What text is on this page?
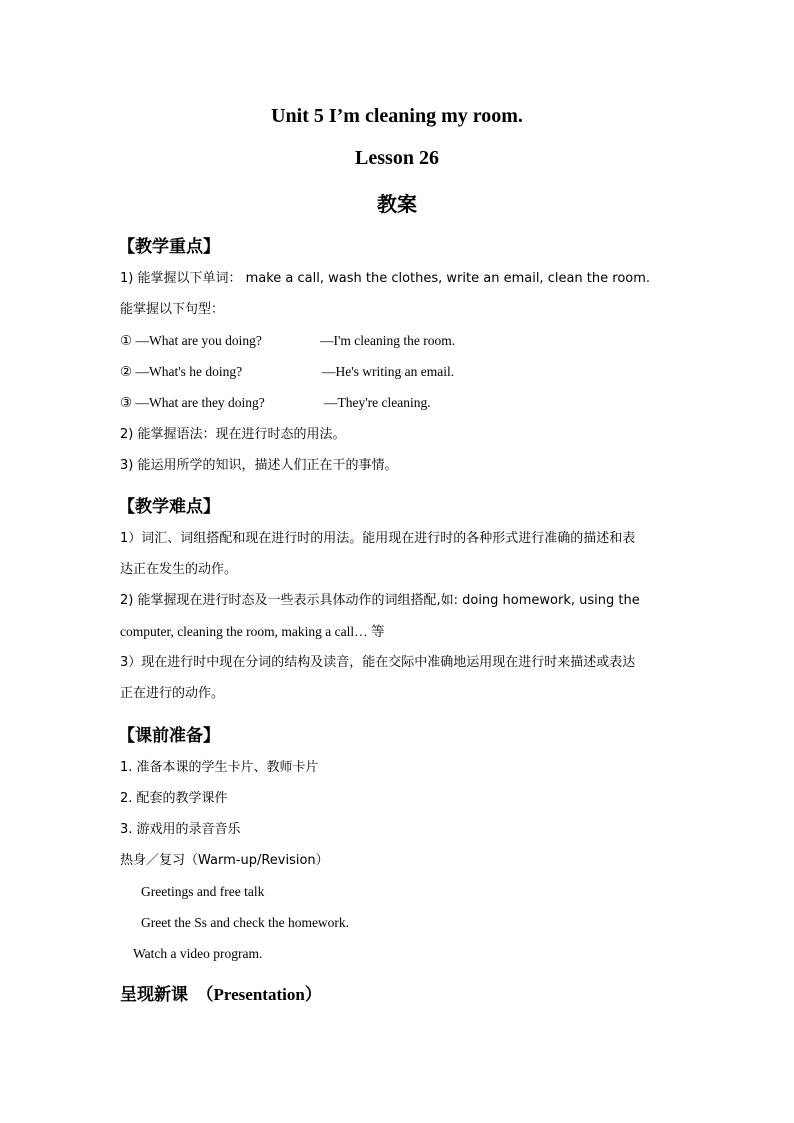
Unit 5 I’m cleaning my room.
Lesson 26
教案
【教学重点】
1) 能掌握以下单词： make a call, wash the clothes, write an email, clean the room.
能掌握以下句型：
① —What are you doing?	—I'm cleaning the room.
② —What's he doing?	—He's writing an email.
③ —What are they doing?	—They're cleaning.
2) 能掌握语法：现在进行时态的用法。
3) 能运用所学的知识，描述人们正在干的事情。
【教学难点】
1）词汇、词组搭配和现在进行时的用法。能用现在进行时的各种形式进行准确的描述和表
达正在发生的动作。
2) 能掌握现在进行时态及一些表示具体动作的词组搭配,如: doing homework, using the
computer, cleaning the room, making a call… 等
3）现在进行时中现在分词的结构及读音，能在交际中准确地运用现在进行时来描述或表达
正在进行的动作。
【课前准备】
1. 准备本课的学生卡片、教师卡片
2. 配套的教学课件
3. 游戏用的录音音乐
热身／复习（Warm-up/Revision）
Greetings and free talk
Greet the Ss and check the homework.
Watch a video program.
呈现新课 （Presentation）
